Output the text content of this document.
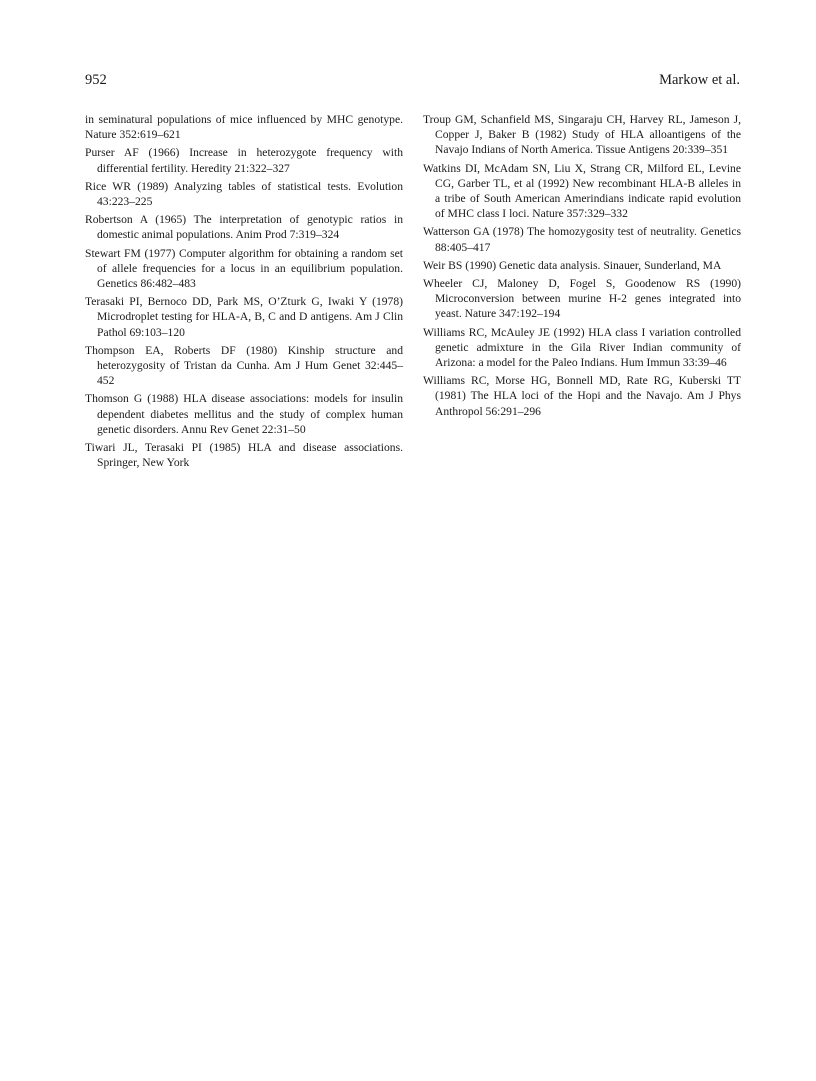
952	Markow et al.

in seminatural populations of mice influenced by MHC genotype. Nature 352:619–621

Purser AF (1966) Increase in heterozygote frequency with differential fertility. Heredity 21:322–327

Rice WR (1989) Analyzing tables of statistical tests. Evolution 43:223–225

Robertson A (1965) The interpretation of genotypic ratios in domestic animal populations. Anim Prod 7:319–324

Stewart FM (1977) Computer algorithm for obtaining a random set of allele frequencies for a locus in an equilibrium population. Genetics 86:482–483

Terasaki PI, Bernoco DD, Park MS, O’Zturk G, Iwaki Y (1978) Microdroplet testing for HLA-A, B, C and D antigens. Am J Clin Pathol 69:103–120

Thompson EA, Roberts DF (1980) Kinship structure and heterozygosity of Tristan da Cunha. Am J Hum Genet 32:445–452

Thomson G (1988) HLA disease associations: models for insulin dependent diabetes mellitus and the study of complex human genetic disorders. Annu Rev Genet 22:31–50

Tiwari JL, Terasaki PI (1985) HLA and disease associations. Springer, New York

Troup GM, Schanfield MS, Singaraju CH, Harvey RL, Jameson J, Copper J, Baker B (1982) Study of HLA alloantigens of the Navajo Indians of North America. Tissue Antigens 20:339–351

Watkins DI, McAdam SN, Liu X, Strang CR, Milford EL, Levine CG, Garber TL, et al (1992) New recombinant HLA-B alleles in a tribe of South American Amerindians indicate rapid evolution of MHC class I loci. Nature 357:329–332

Watterson GA (1978) The homozygosity test of neutrality. Genetics 88:405–417

Weir BS (1990) Genetic data analysis. Sinauer, Sunderland, MA

Wheeler CJ, Maloney D, Fogel S, Goodenow RS (1990) Microconversion between murine H-2 genes integrated into yeast. Nature 347:192–194

Williams RC, McAuley JE (1992) HLA class I variation controlled genetic admixture in the Gila River Indian community of Arizona: a model for the Paleo Indians. Hum Immun 33:39–46

Williams RC, Morse HG, Bonnell MD, Rate RG, Kuberski TT (1981) The HLA loci of the Hopi and the Navajo. Am J Phys Anthropol 56:291–296
